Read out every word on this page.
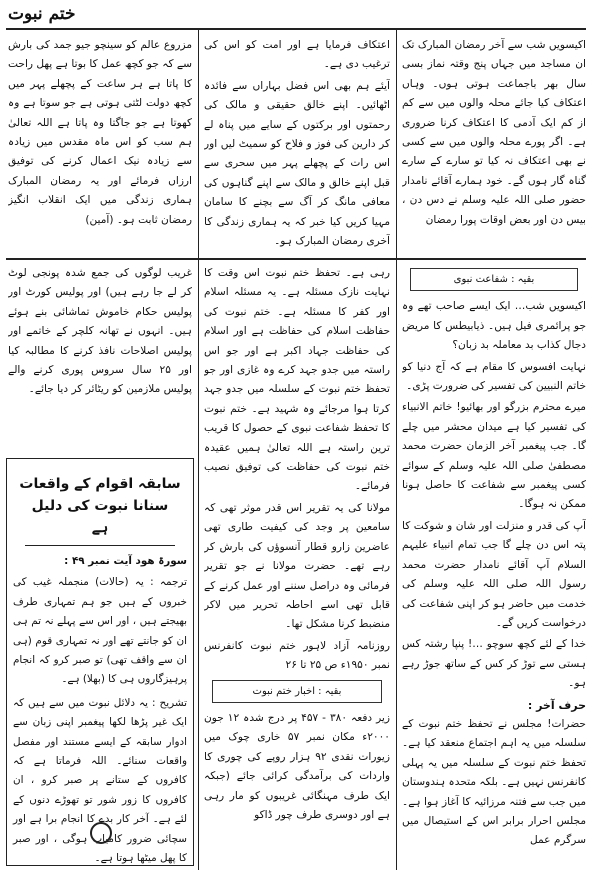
ختم نبوت

اکیسویں شب سے آخر رمضان المبارک تک ان مساجد میں جہاں پنج وقتہ نماز بسی سال بھر باجماعت ہوتی ہوں۔ وہاں اعتکاف کیا جائے محلہ والوں میں سے کم از کم ایک آدمی کا اعتکاف کرنا ضروری ہے۔ اگر پورے محلہ والوں میں سے کسی نے بھی اعتکاف نہ کیا تو سارے کے سارے گناہ گار ہوں گے۔ خود ہمارے آقائے نامدار حضور صلی اللہ علیہ وسلم نے دس دن ، بیس دن اور بعض اوقات پورا رمضان

اعتکاف فرمایا ہے اور امت کو اس کی ترغیب دی ہے۔

آیئے ہم بھی اس فضل بہاراں سے فائدہ اٹھائیں۔ اپنے خالق حقیقی و مالک کی رحمتوں اور برکتوں کے سایے میں پناہ لے کر دارین کی فوز و فلاح کو سمیٹ لیں اور اس رات کے پچھلے پہر میں سحری سے قبل اپنے خالق و مالک سے اپنے گناہوں کی معافی مانگ کر آگ سے بچنے کا سامان مہیا کریں کیا خبر کہ یہ ہماری زندگی کا آخری رمضان المبارک ہو۔

مزروع عالم کو سینچو جیو جمد کی بارش سے کہ جو کچھ عمل کا بوتا ہے پھل راحت کا پاتا ہے ہر ساعت کے پچھلے پہر میں کچھ دولت لٹتی ہوتی ہے جو سوتا ہے وہ کھوتا ہے جو جاگتا وہ پاتا ہے اللہ تعالیٰ ہم سب کو اس ماہ مقدس میں زیادہ سے زیادہ نیک اعمال کرنے کی توفیق ارزاں فرمائے اور یہ رمضان المبارک ہماری زندگی میں ایک انقلاب انگیز رمضان ثابت ہو۔ (آمین)

بقیہ : شفاعت نبوی

اکیسویں شب… ایک ایسے صاحب تھے وہ جو پرائمری فیل ہیں۔ ذیابیطس کا مریض دجال کذاب بد معاملہ بد زبان؟

نہایت افسوس کا مقام ہے کہ آج دنیا کو خاتم النبیین کی تفسیر کی ضرورت پڑی۔

میرے محترم بزرگو اور بھائیو! خاتم الانبیاء کی تفسیر کیا ہے میدان محشر میں چلے گا۔ جب پیغمبر آخر الزمان حضرت محمد مصطفیٰ صلی اللہ علیہ وسلم کے سوائے کسی پیغمبر سے شفاعت کا حاصل ہونا ممکن نہ ہوگا۔

آپ کی قدر و منزلت اور شان و شوکت کا پتہ اس دن چلے گا جب تمام انبیاء علیہم السلام آپ آقائے نامدار حضرت محمد رسول اللہ صلی اللہ علیہ وسلم کی خدمت میں حاضر ہو کر اپنی شفاعت کی درخواست کریں گے۔

خدا کے لئے کچھ سوچو …! پنپا رشتہ کس ہستی سے توڑ کر کس کے ساتھ جوڑ رہے ہو۔

حرف آخر :

حضرات! مجلس نے تحفظ ختم نبوت کے سلسلہ میں یہ اہم اجتماع منعقد کیا ہے۔ تحفظ ختم نبوت کے سلسلہ میں یہ پہلی کانفرنس نہیں ہے۔ بلکہ متحدہ ہندوستان میں جب سے فتنہ مرزائیہ کا آغاز ہوا ہے۔ مجلس احرار برابر اس کے استیصال میں سرگرم عمل

رہی ہے۔ تحفظ ختم نبوت اس وقت کا نہایت نازک مسئلہ ہے۔ یہ مسئلہ اسلام اور کفر کا مسئلہ ہے۔ ختم نبوت کی حفاظت اسلام کی حفاظت ہے اور اسلام کی حفاظت جہاد اکبر ہے اور جو اس راستہ میں جدو جہد کرے وہ غازی اور جو تحفظ ختم نبوت کے سلسلہ میں جدو جہد کرتا ہوا مرجائے وہ شہید ہے۔ ختم نبوت کا تحفظ شفاعت نبوی کے حصول کا قریب ترین راستہ ہے اللہ تعالیٰ ہمیں عقیدہ ختم نبوت کی حفاظت کی توفیق نصیب فرمائے۔

مولانا کی یہ تقریر اس قدر موثر تھی کہ سامعین پر وجد کی کیفیت طاری تھی عاضرین زارو قطار آنسوؤں کی بارش کر رہے تھے۔ حضرت مولانا نے جو تقریر فرمائی وہ دراصل سننے اور عمل کرنے کے قابل تھی اسے احاطہ تحریر میں لاکر منضبط کرنا مشکل تھا۔

روزنامہ آزاد لاہور ختم نبوت کانفرنس نمبر ۱۹۵۰ء ص ۲۵ تا ۲۶

بقیہ : اخبار ختم نبوت

زیر دفعہ ۳۸۰ - ۴۵۷ پر درج شدہ ۱۲ جون ۲۰۰۰ء مکان نمبر ۵۷ خاری چوک میں زیورات نقدی ۹۲ ہزار روپے کی چوری کا واردات کی برآمدگی کرائی جائے (جبکہ ایک طرف مہنگائی غریبوں کو مار رہی ہے اور دوسری طرف چور ڈاکو

غریب لوگوں کی جمع شدہ پونجی لوٹ کر لے جا رہے ہیں) اور پولیس کورٹ اور پولیس حکام خاموش تماشائی بنے ہوئے ہیں۔ انہوں نے تھانہ کلچر کے خاتمے اور پولیس اصلاحات نافذ کرنے کا مطالبہ کیا اور ۲۵ سال سروس پوری کرنے والے پولیس ملازمین کو ریٹائر کر دیا جائے۔

سابقہ اقوام کے واقعات
سنانا نبوت کی دلیل ہے

سورۃ ھود آیت نمبر ۴۹ :

ترجمہ : یہ (حالات) منجملہ غیب کی خبروں کے ہیں جو ہم تمہاری طرف بھیجتے ہیں ، اور اس سے پہلے نہ تم ہی ان کو جانتے تھے اور نہ تمہاری قوم (ہی ان سے واقف تھی) تو صبر کرو کہ انجام پرہیزگاروں ہی کا (بھلا) ہے۔

تشریح : یہ دلائل نبوت میں سے ہیں کہ ایک غیر پڑھا لکھا پیغمبر اپنی زبان سے ادوار سابقہ کے ایسے مستند اور مفصل واقعات سنائے۔ اللہ فرماتا ہے کہ کافروں کے ستانے پر صبر کرو ، ان کافروں کا زور شور تو تھوڑے دنوں کے لئے ہے۔ آخر کار بدے کا انجام برا ہے اور سچائی ضرور کامیاب ہوگی ، اور صبر کا پھل میٹھا ہوتا ہے۔
